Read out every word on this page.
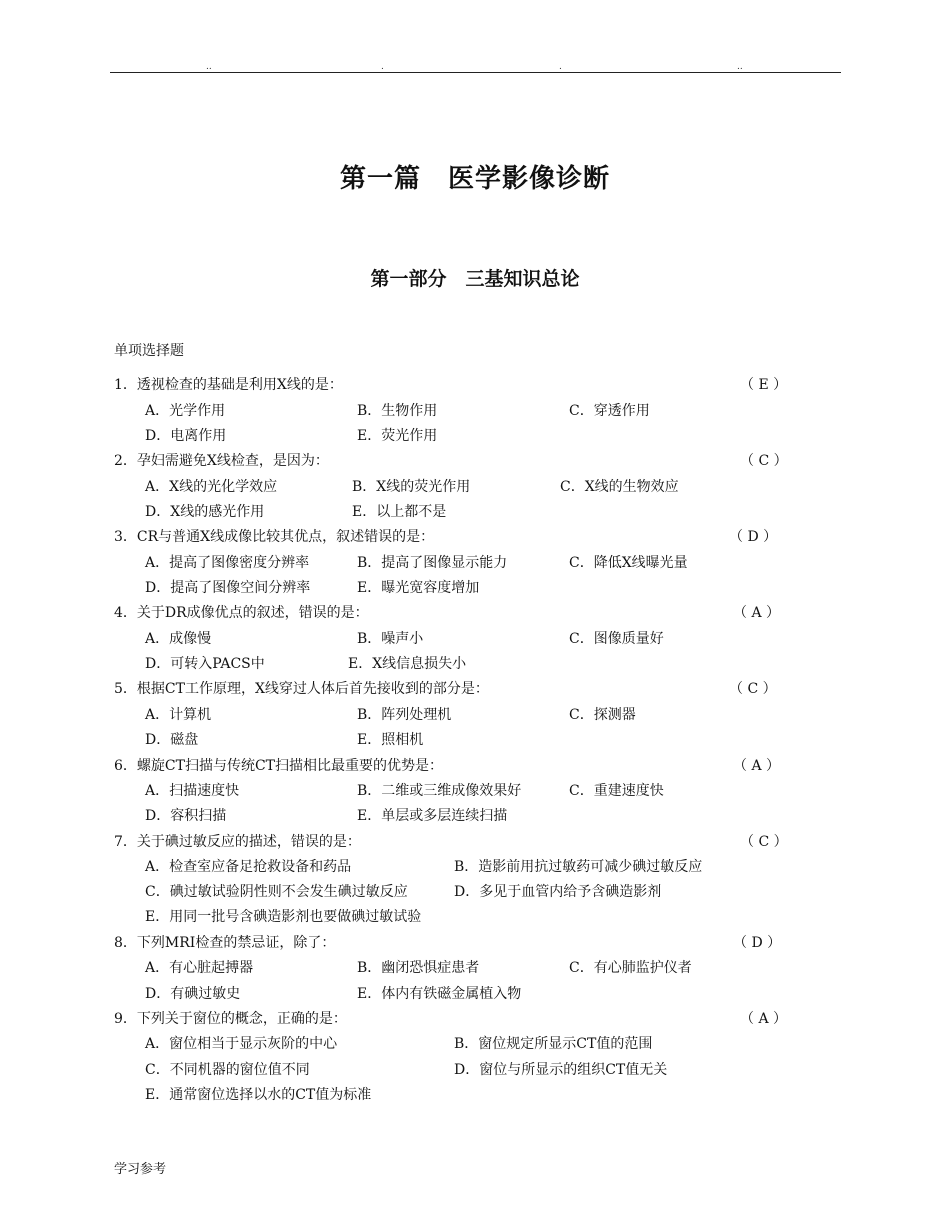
..	.	.	..
第一篇　医学影像诊断
第一部分　三基知识总论
单项选择题
1．透视检查的基础是利用X线的是：	（ E ）
A．光学作用	B．生物作用	C．穿透作用
D．电离作用	E．荧光作用
2．孕妇需避免X线检查，是因为：	（ C ）
A．X线的光化学效应	B．X线的荧光作用	C．X线的生物效应
D．X线的感光作用	E．以上都不是
3．CR与普通X线成像比较其优点，叙述错误的是：	（ D ）
A．提高了图像密度分辨率	B．提高了图像显示能力	C．降低X线曝光量
D．提高了图像空间分辨率	E．曝光宽容度增加
4．关于DR成像优点的叙述，错误的是：	（ A ）
A．成像慢	B．噪声小	C．图像质量好
D．可转入PACS中	E．X线信息损失小
5．根据CT工作原理，X线穿过人体后首先接收到的部分是：	（ C ）
A．计算机	B．阵列处理机	C．探测器
D．磁盘	E．照相机
6．螺旋CT扫描与传统CT扫描相比最重要的优势是：	（ A ）
A．扫描速度快	B．二维或三维成像效果好	C．重建速度快
D．容积扫描	E．单层或多层连续扫描
7．关于碘过敏反应的描述，错误的是：	（ C ）
A．检查室应备足抢救设备和药品	B．造影前用抗过敏药可减少碘过敏反应
C．碘过敏试验阴性则不会发生碘过敏反应	D．多见于血管内给予含碘造影剂
E．用同一批号含碘造影剂也要做碘过敏试验
8．下列MRI检查的禁忌证，除了：	（ D ）
A．有心脏起搏器	B．幽闭恐惧症患者	C．有心肺监护仪者
D．有碘过敏史	E．体内有铁磁金属植入物
9．下列关于窗位的概念，正确的是：	（ A ）
A．窗位相当于显示灰阶的中心	B．窗位规定所显示CT值的范围
C．不同机器的窗位值不同	D．窗位与所显示的组织CT值无关
E．通常窗位选择以水的CT值为标准
学习参考
